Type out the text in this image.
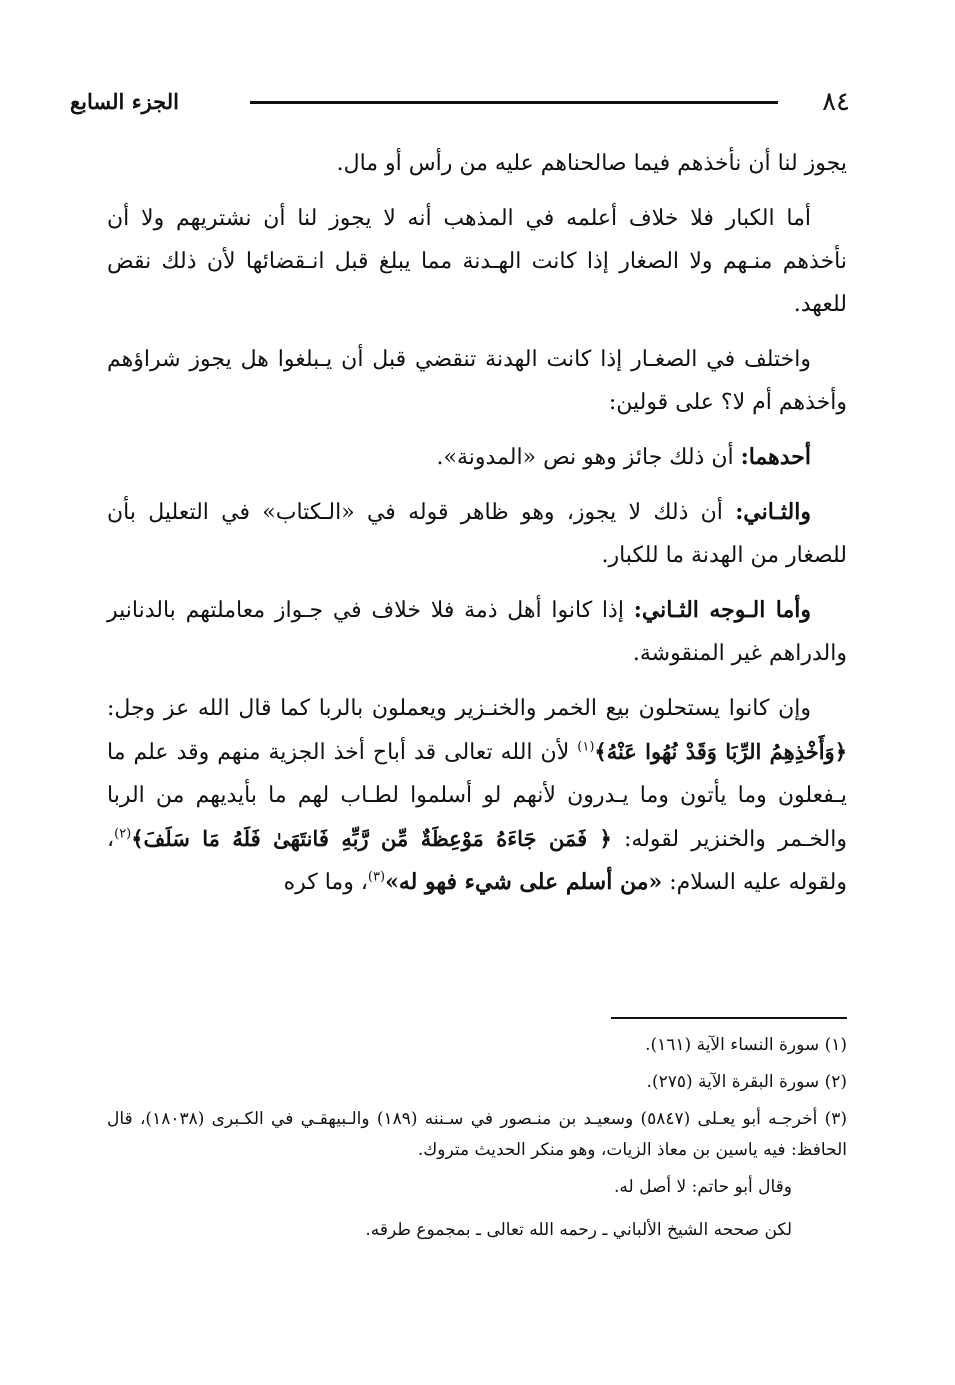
٨٤
الجزء السابع

يجوز لنا أن نأخذهم فيما صالحناهم عليه من رأس أو مال.

أما الكبار فلا خلاف أعلمه في المذهب أنه لا يجوز لنا أن نشتريهم ولا أن نأخذهم منـهم ولا الصغار إذا كانت الهـدنة مما يبلغ قبل انـقضائها لأن ذلك نقض للعهد.

واختلف في الصغـار إذا كانت الهدنة تنقضي قبل أن يـبلغوا هل يجوز شراؤهم وأخذهم أم لا؟ على قولين:

أحدهما: أن ذلك جائز وهو نص «المدونة».

والثـاني: أن ذلك لا يجوز، وهو ظاهر قوله في «الـكتاب» في التعليل بأن للصغار من الهدنة ما للكبار.

وأما الـوجه الثـاني: إذا كانوا أهل ذمة فلا خلاف في جـواز معاملتهم بالدنانير والدراهم غير المنقوشة.

وإن كانوا يستحلون بيع الخمر والخنـزير ويعملون بالربا كما قال الله عز وجل: ﴿وَأَخْذِهِمُ الرِّبَا وَقَدْ نُهُوا عَنْهُ﴾$^{(١)}$ لأن الله تعالى قد أباح أخذ الجزية منهم وقد علم ما يـفعلون وما يأتون وما يـدرون لأنهم لو أسلموا لطـاب لهم ما بأيديهم من الربا والخـمر والخنزير لقوله: ﴿ فَمَن جَاءَهُ مَوْعِظَةٌ مِّن رَّبِّهِ فَانتَهَىٰ فَلَهُ مَا سَلَفَ﴾$^{(٢)}$، ولقوله عليه السلام: «من أسلم على شيء فهو له»$^{(٣)}$، وما كره

(١) سورة النساء الآية (١٦١).

(٢) سورة البقرة الآية (٢٧٥).

(٣) أخرجـه أبو يعـلى (٥٨٤٧) وسعيـد بن منـصور في سـننه (١٨٩) والـبيهقـي في الكـبرى (١٨٠٣٨)، قال الحافظ: فيه ياسين بن معاذ الزيات، وهو منكر الحديث متروك.

وقال أبو حاتم: لا أصل له.

لكن صححه الشيخ الألباني ـ رحمه الله تعالى ـ بمجموع طرقه.
